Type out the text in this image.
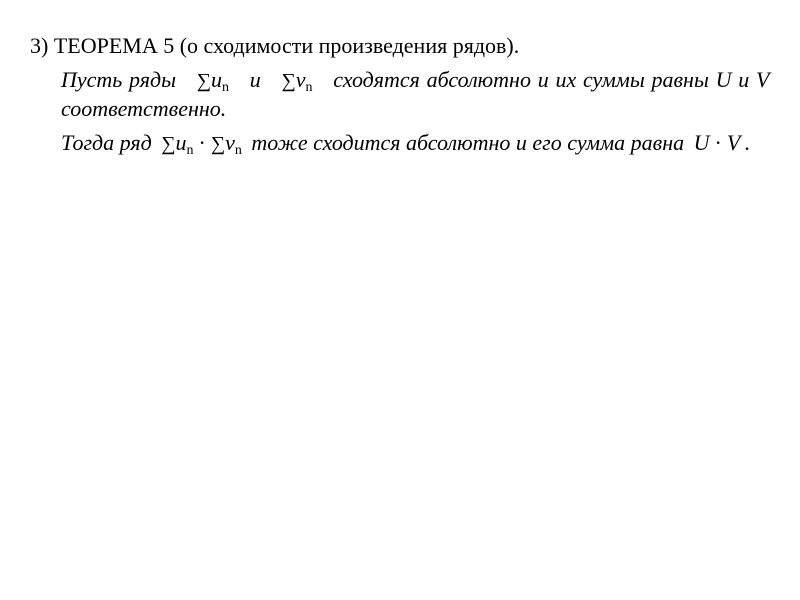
3) ТЕОРЕМА 5 (о сходимости произведения рядов).
Пусть ряды $\sum u_n$ и $\sum v_n$ сходятся абсолютно и их суммы равны U и V соответственно.
Тогда ряд $\sum u_n \cdot \sum v_n$ тоже сходится абсолютно и его сумма равна U · V .
